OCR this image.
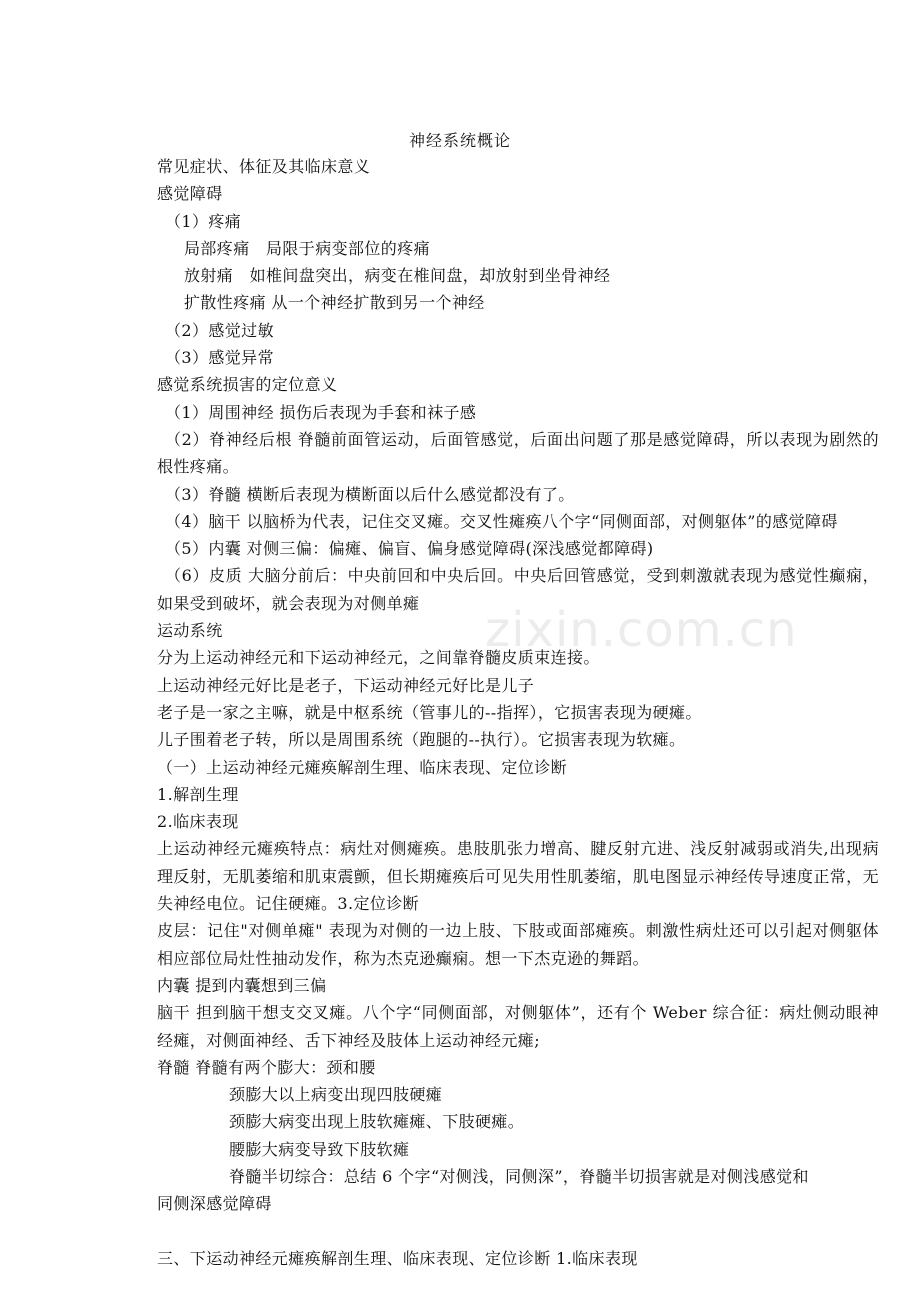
神经系统概论

常见症状、体征及其临床意义

感觉障碍

（1）疼痛

局部疼痛　局限于病变部位的疼痛

放射痛　如椎间盘突出，病变在椎间盘，却放射到坐骨神经

扩散性疼痛 从一个神经扩散到另一个神经

（2）感觉过敏

（3）感觉异常

感觉系统损害的定位意义

（1）周围神经 损伤后表现为手套和袜子感

（2）脊神经后根 脊髓前面管运动，后面管感觉，后面出问题了那是感觉障碍，所以表现为剧然的根性疼痛。

（3）脊髓 横断后表现为横断面以后什么感觉都没有了。

（4）脑干 以脑桥为代表，记住交叉瘫。交叉性瘫痪八个字“同侧面部，对侧躯体”的感觉障碍

（5）内囊 对侧三偏：偏瘫、偏盲、偏身感觉障碍(深浅感觉都障碍)

（6）皮质 大脑分前后：中央前回和中央后回。中央后回管感觉，受到刺激就表现为感觉性癫痫，如果受到破坏，就会表现为对侧单瘫

运动系统

分为上运动神经元和下运动神经元，之间靠脊髓皮质束连接。

上运动神经元好比是老子，下运动神经元好比是儿子

老子是一家之主嘛，就是中枢系统（管事儿的--指挥），它损害表现为硬瘫。

儿子围着老子转，所以是周围系统（跑腿的--执行）。它损害表现为软瘫。

（一）上运动神经元瘫痪解剖生理、临床表现、定位诊断

1.解剖生理

2.临床表现

上运动神经元瘫痪特点：病灶对侧瘫痪。患肢肌张力增高、腱反射亢进、浅反射减弱或消失,出现病理反射，无肌萎缩和肌束震颤，但长期瘫痪后可见失用性肌萎缩，肌电图显示神经传导速度正常，无失神经电位。记住硬瘫。3.定位诊断

皮层：记住"对侧单瘫" 表现为对侧的一边上肢、下肢或面部瘫痪。刺激性病灶还可以引起对侧躯体相应部位局灶性抽动发作，称为杰克逊癫痫。想一下杰克逊的舞蹈。

内囊 提到内囊想到三偏

脑干 担到脑干想支交叉瘫。八个字“同侧面部，对侧躯体”，还有个 Weber 综合征：病灶侧动眼神经瘫，对侧面神经、舌下神经及肢体上运动神经元瘫;

脊髓 脊髓有两个膨大：颈和腰

颈膨大以上病变出现四肢硬瘫

颈膨大病变出现上肢软瘫瘫、下肢硬瘫。

腰膨大病变导致下肢软瘫

脊髓半切综合：总结 6 个字“对侧浅，同侧深”，脊髓半切损害就是对侧浅感觉和

同侧深感觉障碍

三、下运动神经元瘫痪解剖生理、临床表现、定位诊断 1.临床表现

zixin.com.cn
